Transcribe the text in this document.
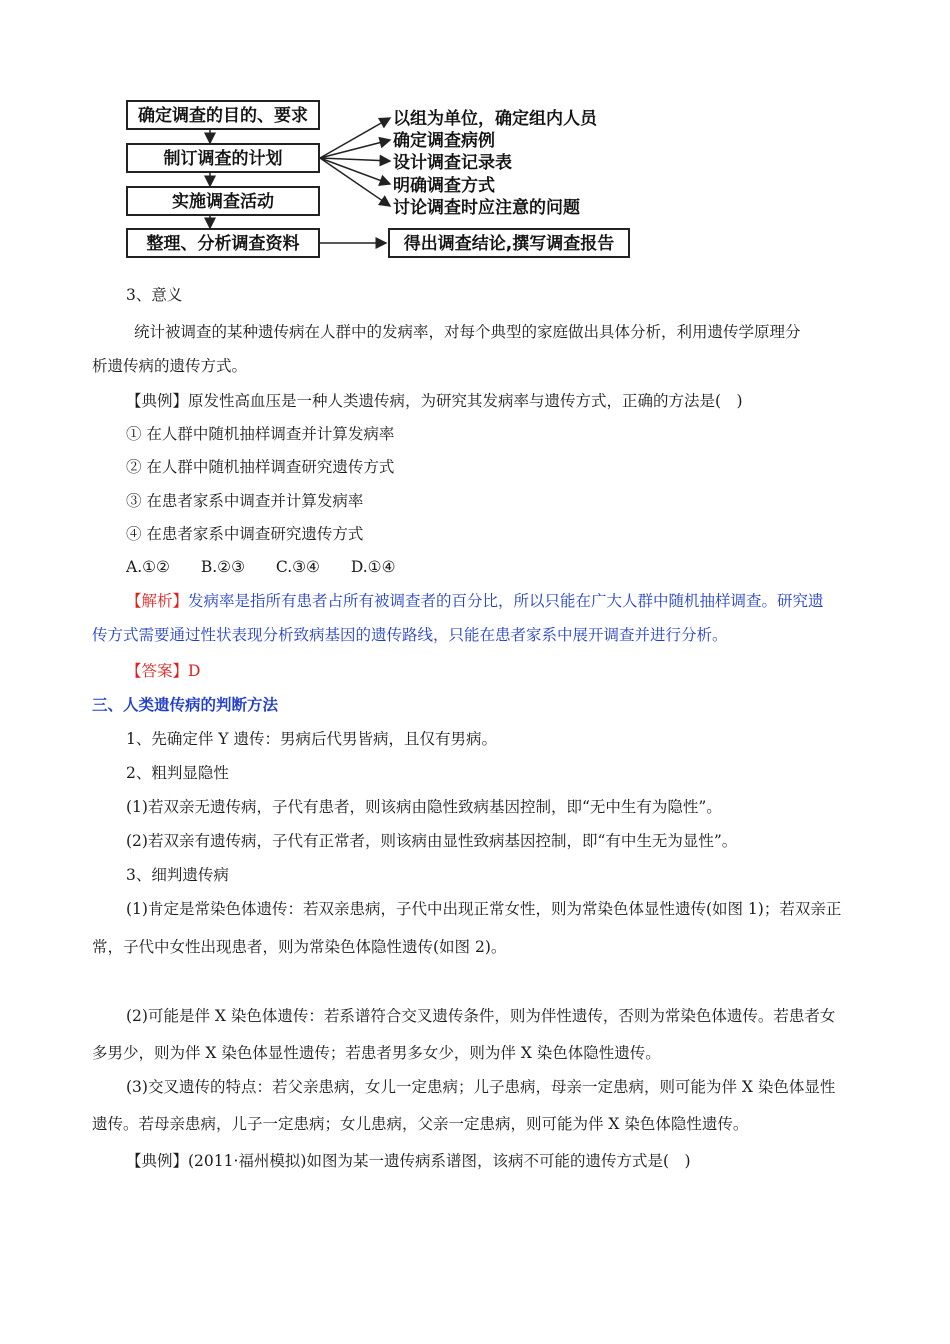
确定调查的目的、要求
制订调查的计划
实施调查活动
整理、分析调查资料
以组为单位，确定组内人员
确定调查病例
设计调查记录表
明确调查方式
讨论调查时应注意的问题
得出调查结论,撰写调查报告
3、意义
统计被调查的某种遗传病在人群中的发病率，对每个典型的家庭做出具体分析，利用遗传学原理分
析遗传病的遗传方式。
【典例】原发性高血压是一种人类遗传病，为研究其发病率与遗传方式，正确的方法是(　)
① 在人群中随机抽样调查并计算发病率
② 在人群中随机抽样调查研究遗传方式
③ 在患者家系中调查并计算发病率
④ 在患者家系中调查研究遗传方式
A.①② B.②③ C.③④ D.①④
【解析】发病率是指所有患者占所有被调查者的百分比，所以只能在广大人群中随机抽样调查。研究遗
传方式需要通过性状表现分析致病基因的遗传路线，只能在患者家系中展开调查并进行分析。
【答案】D
三、人类遗传病的判断方法
1、先确定伴 Y 遗传：男病后代男皆病，且仅有男病。
2、粗判显隐性
(1)若双亲无遗传病，子代有患者，则该病由隐性致病基因控制，即“无中生有为隐性”。
(2)若双亲有遗传病，子代有正常者，则该病由显性致病基因控制，即“有中生无为显性”。
3、细判遗传病
(1)肯定是常染色体遗传：若双亲患病，子代中出现正常女性，则为常染色体显性遗传(如图 1)；若双亲正
常，子代中女性出现患者，则为常染色体隐性遗传(如图 2)。
(2)可能是伴 X 染色体遗传：若系谱符合交叉遗传条件，则为伴性遗传，否则为常染色体遗传。若患者女
多男少，则为伴 X 染色体显性遗传；若患者男多女少，则为伴 X 染色体隐性遗传。
(3)交叉遗传的特点：若父亲患病，女儿一定患病；儿子患病，母亲一定患病，则可能为伴 X 染色体显性
遗传。若母亲患病，儿子一定患病；女儿患病，父亲一定患病，则可能为伴 X 染色体隐性遗传。
【典例】(2011·福州模拟)如图为某一遗传病系谱图，该病不可能的遗传方式是(　)
